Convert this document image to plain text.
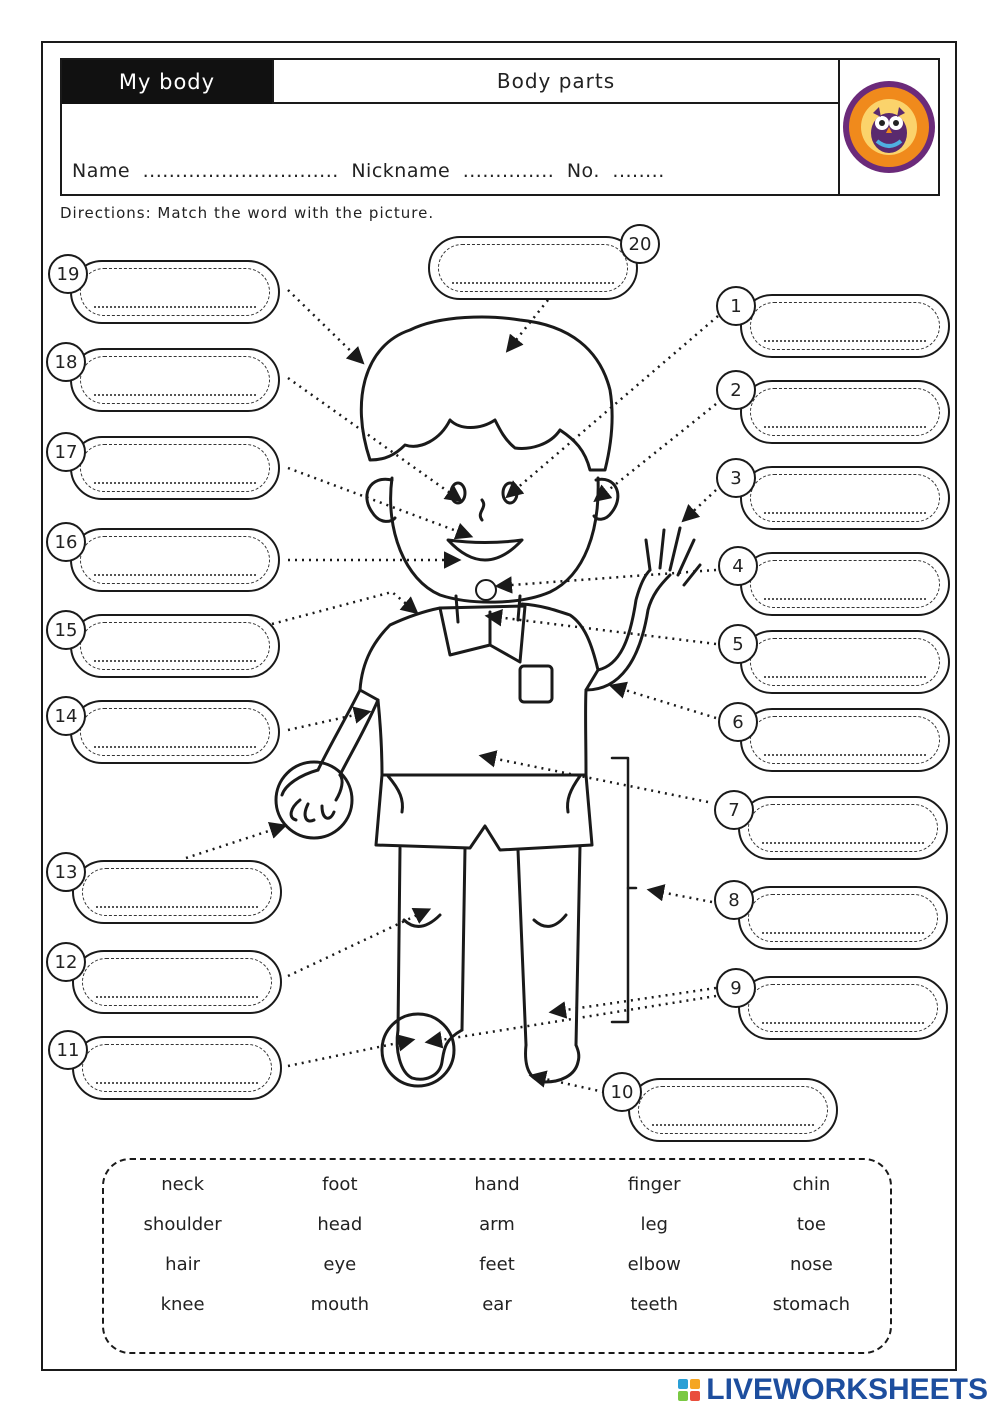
My body	Body parts
Name .............................. Nickname .............. No. ........
Directions: Match the word with the picture.
20
19
1
18
2
17
3
16
4
15
5
14	6
7
13
8
12
9
11
10
neck	foot	hand	finger	chin
shoulder	head	arm	leg	toe
hair	eye	feet	elbow	nose
knee	mouth	ear	teeth	stomach
LIVEWORKSHEETS
